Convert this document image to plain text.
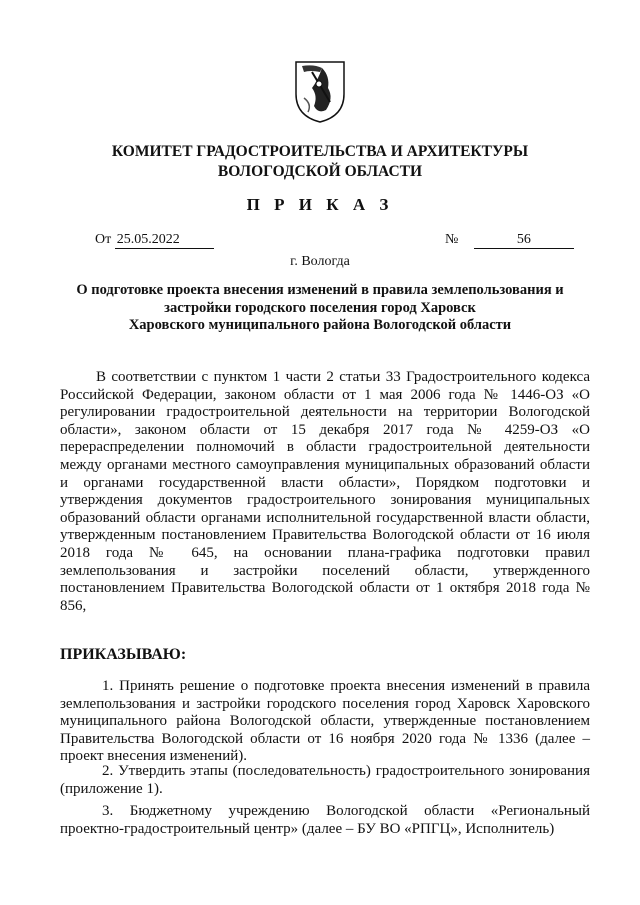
КОМИТЕТ ГРАДОСТРОИТЕЛЬСТВА И АРХИТЕКТУРЫ
ВОЛОГОДСКОЙ ОБЛАСТИ
П Р И К А З
От 25.05.2022	№	56
г. Вологда
О подготовке проекта внесения изменений в правила землепользования и
застройки городского поселения город Харовск
Харовского муниципального района Вологодской области
В соответствии с пунктом 1 части 2 статьи 33 Градостроительного кодекса Российской Федерации, законом области от 1 мая 2006 года № 1446-ОЗ «О регулировании градостроительной деятельности на территории Вологодской области», законом области от 15 декабря 2017 года № 4259-ОЗ «О перераспределении полномочий в области градостроительной деятельности между органами местного самоуправления муниципальных образований области и органами государственной власти области», Порядком подготовки и утверждения документов градостроительного зонирования муниципальных образований области органами исполнительной государственной власти области, утвержденным постановлением Правительства Вологодской области от 16 июля 2018 года № 645, на основании плана-графика подготовки правил землепользования и застройки поселений области, утвержденного постановлением Правительства Вологодской области от 1 октября 2018 года № 856,
ПРИКАЗЫВАЮ:
1. Принять решение о подготовке проекта внесения изменений в правила землепользования и застройки городского поселения город Харовск Харовского муниципального района Вологодской области, утвержденные постановлением Правительства Вологодской области от 16 ноября 2020 года № 1336 (далее – проект внесения изменений).
2. Утвердить этапы (последовательность) градостроительного зонирования (приложение 1).
3. Бюджетному учреждению Вологодской области «Региональный проектно-градостроительный центр» (далее – БУ ВО «РПГЦ», Исполнитель)
